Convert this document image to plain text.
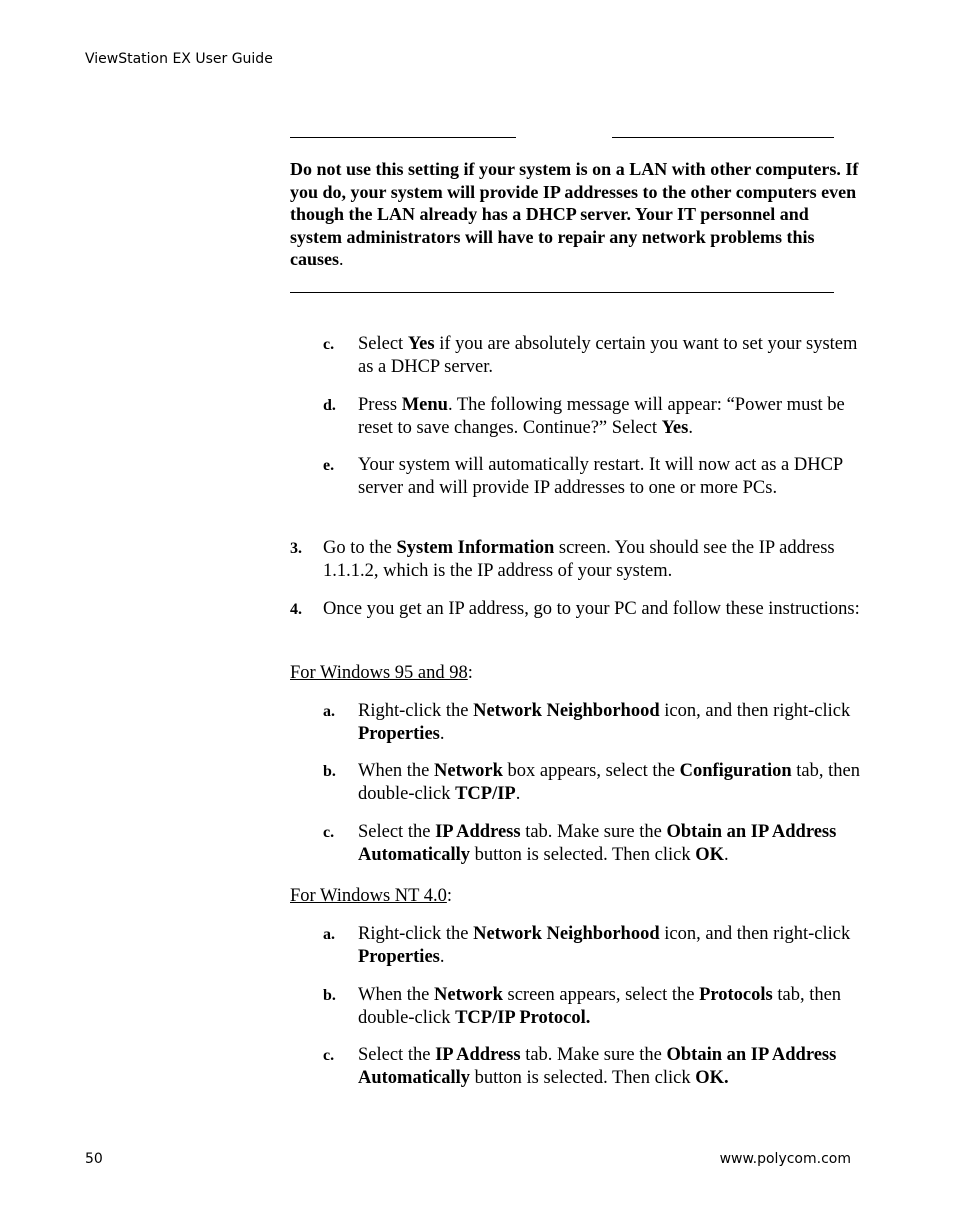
ViewStation EX User Guide
Do not use this setting if your system is on a LAN with other computers. If you do, your system will provide IP addresses to the other computers even though the LAN already has a DHCP server. Your IT personnel and system administrators will have to repair any network problems this causes.
c. Select Yes if you are absolutely certain you want to set your system as a DHCP server.
d. Press Menu. The following message will appear: “Power must be reset to save changes. Continue?” Select Yes.
e. Your system will automatically restart. It will now act as a DHCP server and will provide IP addresses to one or more PCs.
3. Go to the System Information screen. You should see the IP address 1.1.1.2, which is the IP address of your system.
4. Once you get an IP address, go to your PC and follow these instructions:
For Windows 95 and 98:
a. Right-click the Network Neighborhood icon, and then right-click Properties.
b. When the Network box appears, select the Configuration tab, then double-click TCP/IP.
c. Select the IP Address tab. Make sure the Obtain an IP Address Automatically button is selected. Then click OK.
For Windows NT 4.0:
a. Right-click the Network Neighborhood icon, and then right-click Properties.
b. When the Network screen appears, select the Protocols tab, then double-click TCP/IP Protocol.
c. Select the IP Address tab. Make sure the Obtain an IP Address Automatically button is selected. Then click OK.
50	www.polycom.com
